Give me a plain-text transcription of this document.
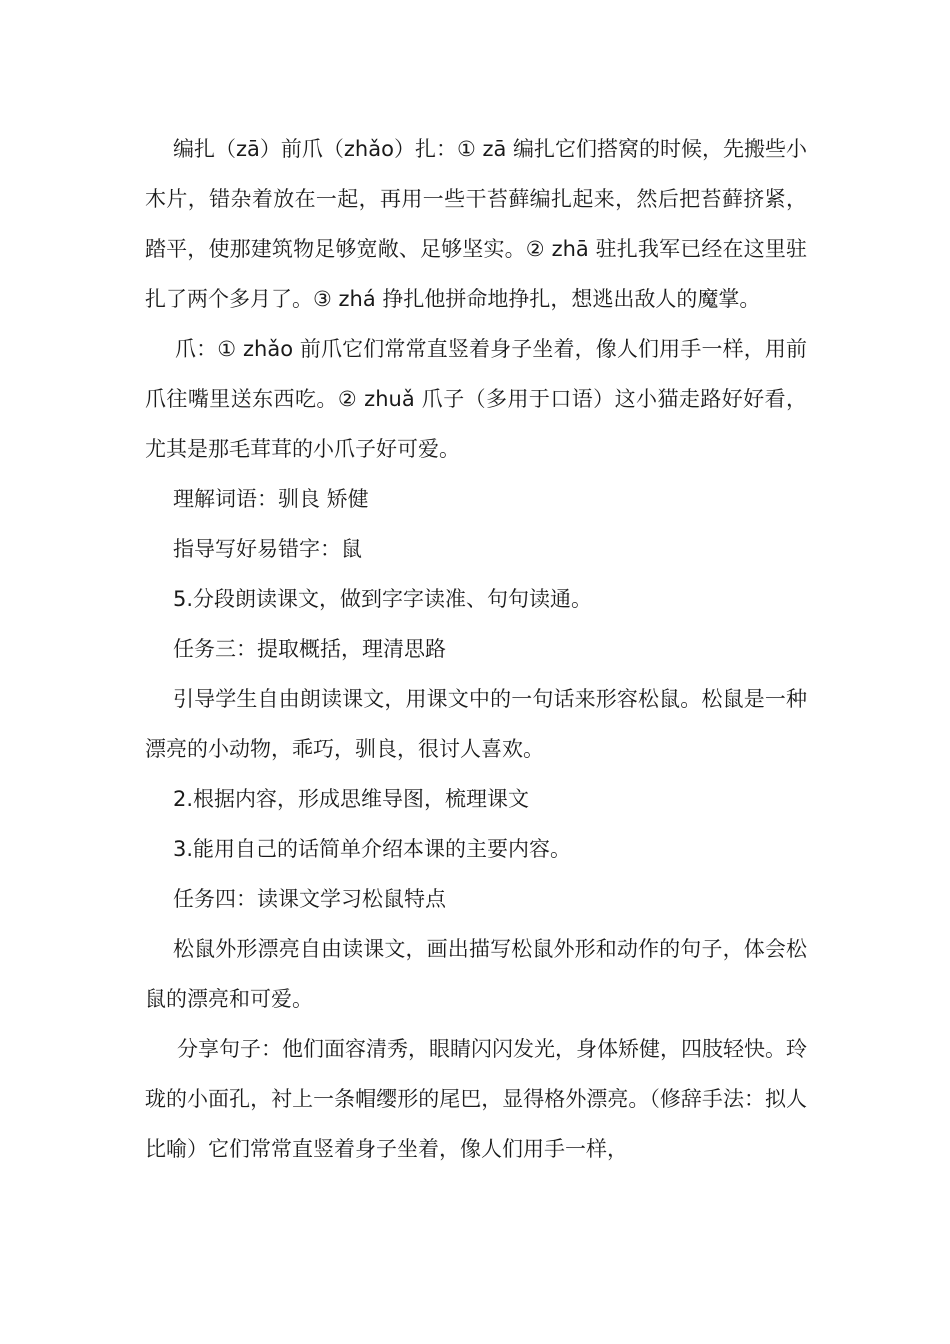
编扎（zā）前爪（zhǎo）扎：① zā 编扎它们搭窝的时候，先搬些小木片，错杂着放在一起，再用一些干苔藓编扎起来，然后把苔藓挤紧，踏平，使那建筑物足够宽敞、足够坚实。② zhā 驻扎我军已经在这里驻扎了两个多月了。③ zhá 挣扎他拼命地挣扎，想逃出敌人的魔掌。

爪：① zhǎo 前爪它们常常直竖着身子坐着，像人们用手一样，用前爪往嘴里送东西吃。② zhuǎ 爪子（多用于口语）这小猫走路好好看，尤其是那毛茸茸的小爪子好可爱。

理解词语：驯良 矫健

指导写好易错字：鼠

5.分段朗读课文，做到字字读准、句句读通。

任务三：提取概括，理清思路

引导学生自由朗读课文，用课文中的一句话来形容松鼠。松鼠是一种漂亮的小动物，乖巧，驯良，很讨人喜欢。

2.根据内容，形成思维导图，梳理课文

3.能用自己的话简单介绍本课的主要内容。

任务四：读课文学习松鼠特点

松鼠外形漂亮自由读课文，画出描写松鼠外形和动作的句子，体会松鼠的漂亮和可爱。

分享句子：他们面容清秀，眼睛闪闪发光，身体矫健，四肢轻快。玲珑的小面孔，衬上一条帽缨形的尾巴，显得格外漂亮。（修辞手法：拟人 比喻）它们常常直竖着身子坐着，像人们用手一样，
